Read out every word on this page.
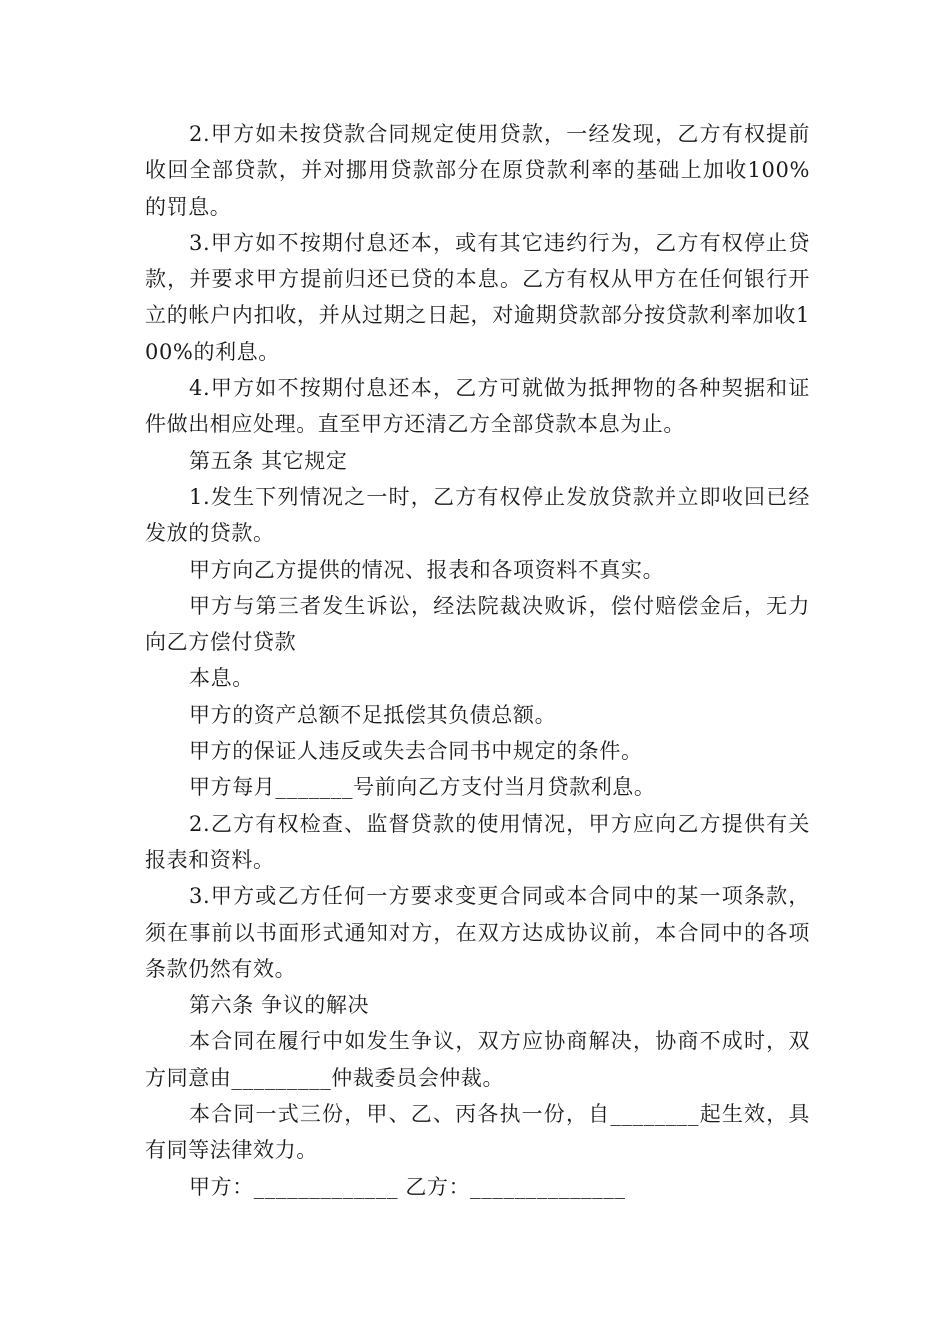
2.甲方如未按贷款合同规定使用贷款，一经发现，乙方有权提前收回全部贷款，并对挪用贷款部分在原贷款利率的基础上加收100%的罚息。

3.甲方如不按期付息还本，或有其它违约行为，乙方有权停止贷款，并要求甲方提前归还已贷的本息。乙方有权从甲方在任何银行开立的帐户内扣收，并从过期之日起，对逾期贷款部分按贷款利率加收100%的利息。

4.甲方如不按期付息还本，乙方可就做为抵押物的各种契据和证件做出相应处理。直至甲方还清乙方全部贷款本息为止。

第五条 其它规定

1.发生下列情况之一时，乙方有权停止发放贷款并立即收回已经发放的贷款。

甲方向乙方提供的情况、报表和各项资料不真实。

甲方与第三者发生诉讼，经法院裁决败诉，偿付赔偿金后，无力向乙方偿付贷款

本息。

甲方的资产总额不足抵偿其负债总额。

甲方的保证人违反或失去合同书中规定的条件。

甲方每月_______号前向乙方支付当月贷款利息。

2.乙方有权检查、监督贷款的使用情况，甲方应向乙方提供有关报表和资料。

3.甲方或乙方任何一方要求变更合同或本合同中的某一项条款，须在事前以书面形式通知对方，在双方达成协议前，本合同中的各项条款仍然有效。

第六条 争议的解决

本合同在履行中如发生争议，双方应协商解决，协商不成时，双方同意由_________仲裁委员会仲裁。

本合同一式三份，甲、乙、丙各执一份，自________起生效，具有同等法律效力。

甲方：_____________ 乙方：______________
